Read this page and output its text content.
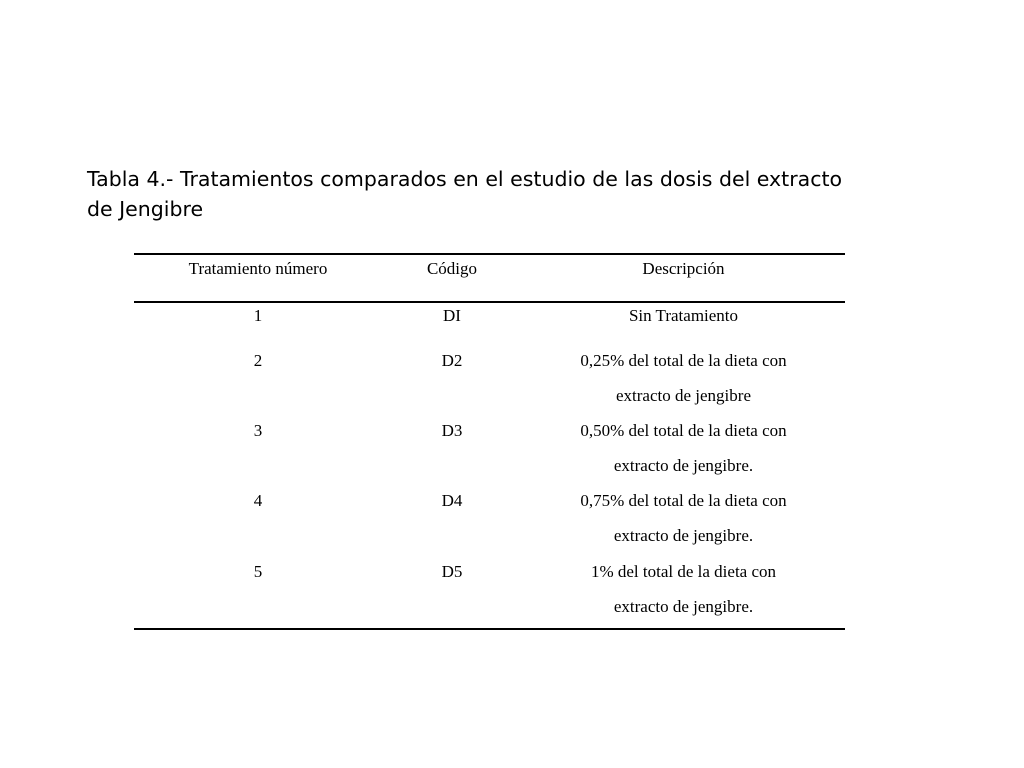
Tabla 4.- Tratamientos comparados en el estudio de las dosis del extracto
de Jengibre
Tratamiento número	Código	Descripción
1	DI	Sin Tratamiento
2	D2	0,25% del total de la dieta con
extracto de jengibre
3	D3	0,50% del total de la dieta con
extracto de jengibre.
4	D4	0,75% del total de la dieta con
extracto de jengibre.
5	D5	1% del total de la dieta con
extracto de jengibre.
